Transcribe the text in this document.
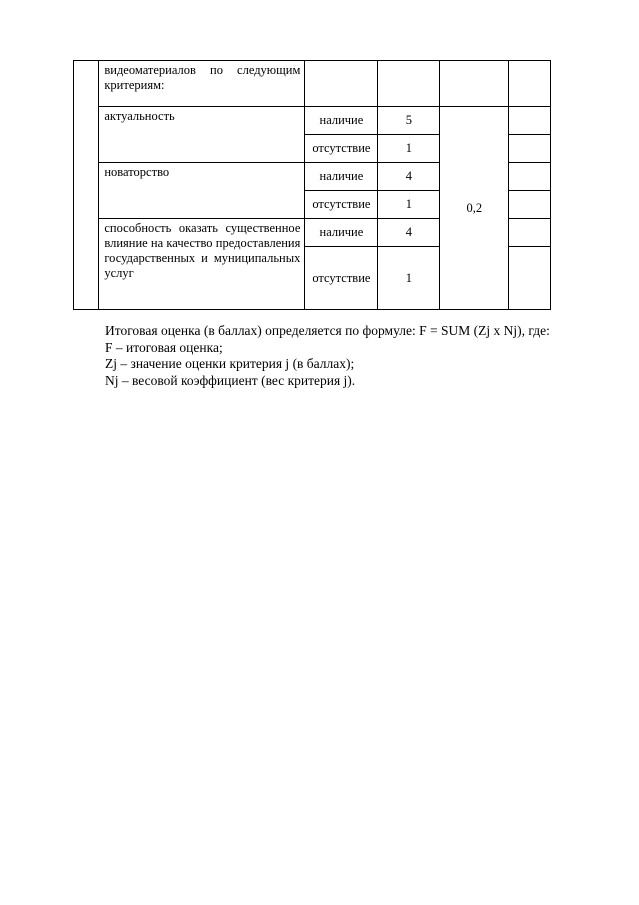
	видеоматериалов по следующим критериям:				
	актуальность	наличие	5	0,2	
		отсутствие	1		
	новаторство	наличие	4		
		отсутствие	1		
	способность оказать существенное влияние на качество предоставления государственных и муниципальных услуг	наличие	4		
		отсутствие	1		

Итоговая оценка (в баллах) определяется по формуле: F = SUM (Zj x Nj), где:

F – итоговая оценка;

Zj – значение оценки критерия j (в баллах);

Nj – весовой коэффициент (вес критерия j).
